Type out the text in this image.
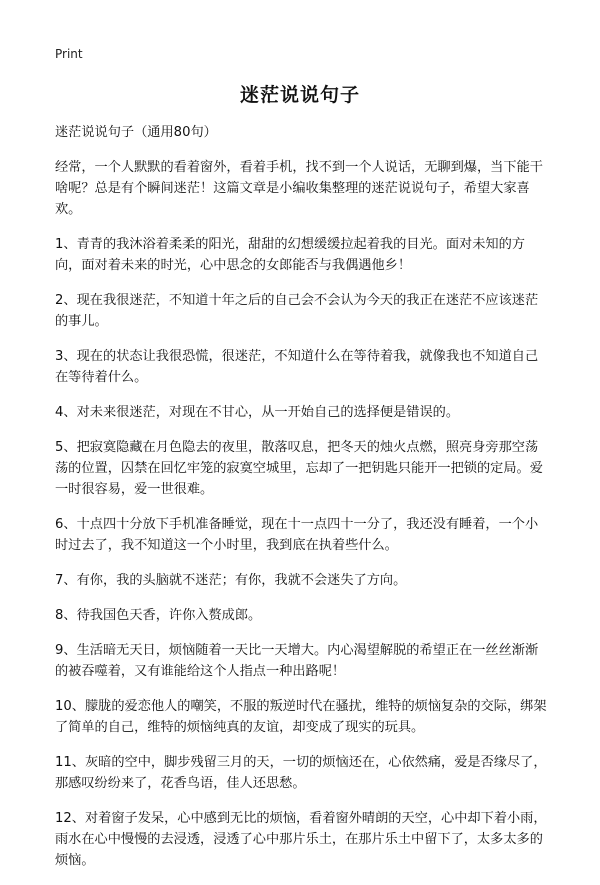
Print
迷茫说说句子

迷茫说说句子（通用80句）

经常，一个人默默的看着窗外，看着手机，找不到一个人说话，无聊到爆，当下能干啥呢？总是有个瞬间迷茫！这篇文章是小编收集整理的迷茫说说句子，希望大家喜欢。

1、青青的我沐浴着柔柔的阳光，甜甜的幻想缓缓拉起着我的目光。面对未知的方向，面对着未来的时光，心中思念的女郎能否与我偶遇他乡！

2、现在我很迷茫，不知道十年之后的自己会不会认为今天的我正在迷茫不应该迷茫的事儿。

3、现在的状态让我很恐慌，很迷茫，不知道什么在等待着我，就像我也不知道自己在等待着什么。

4、对未来很迷茫，对现在不甘心，从一开始自己的选择便是错误的。

5、把寂寞隐藏在月色隐去的夜里，散落叹息，把冬天的烛火点燃，照亮身旁那空荡荡的位置，囚禁在回忆牢笼的寂寞空城里，忘却了一把钥匙只能开一把锁的定局。爱一时很容易，爱一世很难。

6、十点四十分放下手机准备睡觉，现在十一点四十一分了，我还没有睡着，一个小时过去了，我不知道这一个小时里，我到底在执着些什么。

7、有你，我的头脑就不迷茫；有你，我就不会迷失了方向。

8、待我国色天香，许你入赘成郎。

9、生活暗无天日，烦恼随着一天比一天增大。内心渴望解脱的希望正在一丝丝渐渐的被吞噬着，又有谁能给这个人指点一种出路呢！

10、朦胧的爱恋他人的嘲笑，不服的叛逆时代在骚扰，维特的烦恼复杂的交际，绑架了简单的自己，维特的烦恼纯真的友谊，却变成了现实的玩具。

11、灰暗的空中，脚步残留三月的天，一切的烦恼还在，心依然痛，爱是否缘尽了，那感叹纷纷来了，花香鸟语，佳人还思愁。

12、对着窗子发呆，心中感到无比的烦恼，看着窗外晴朗的天空，心中却下着小雨，雨水在心中慢慢的去浸透，浸透了心中那片乐土，在那片乐土中留下了，太多太多的烦恼。
